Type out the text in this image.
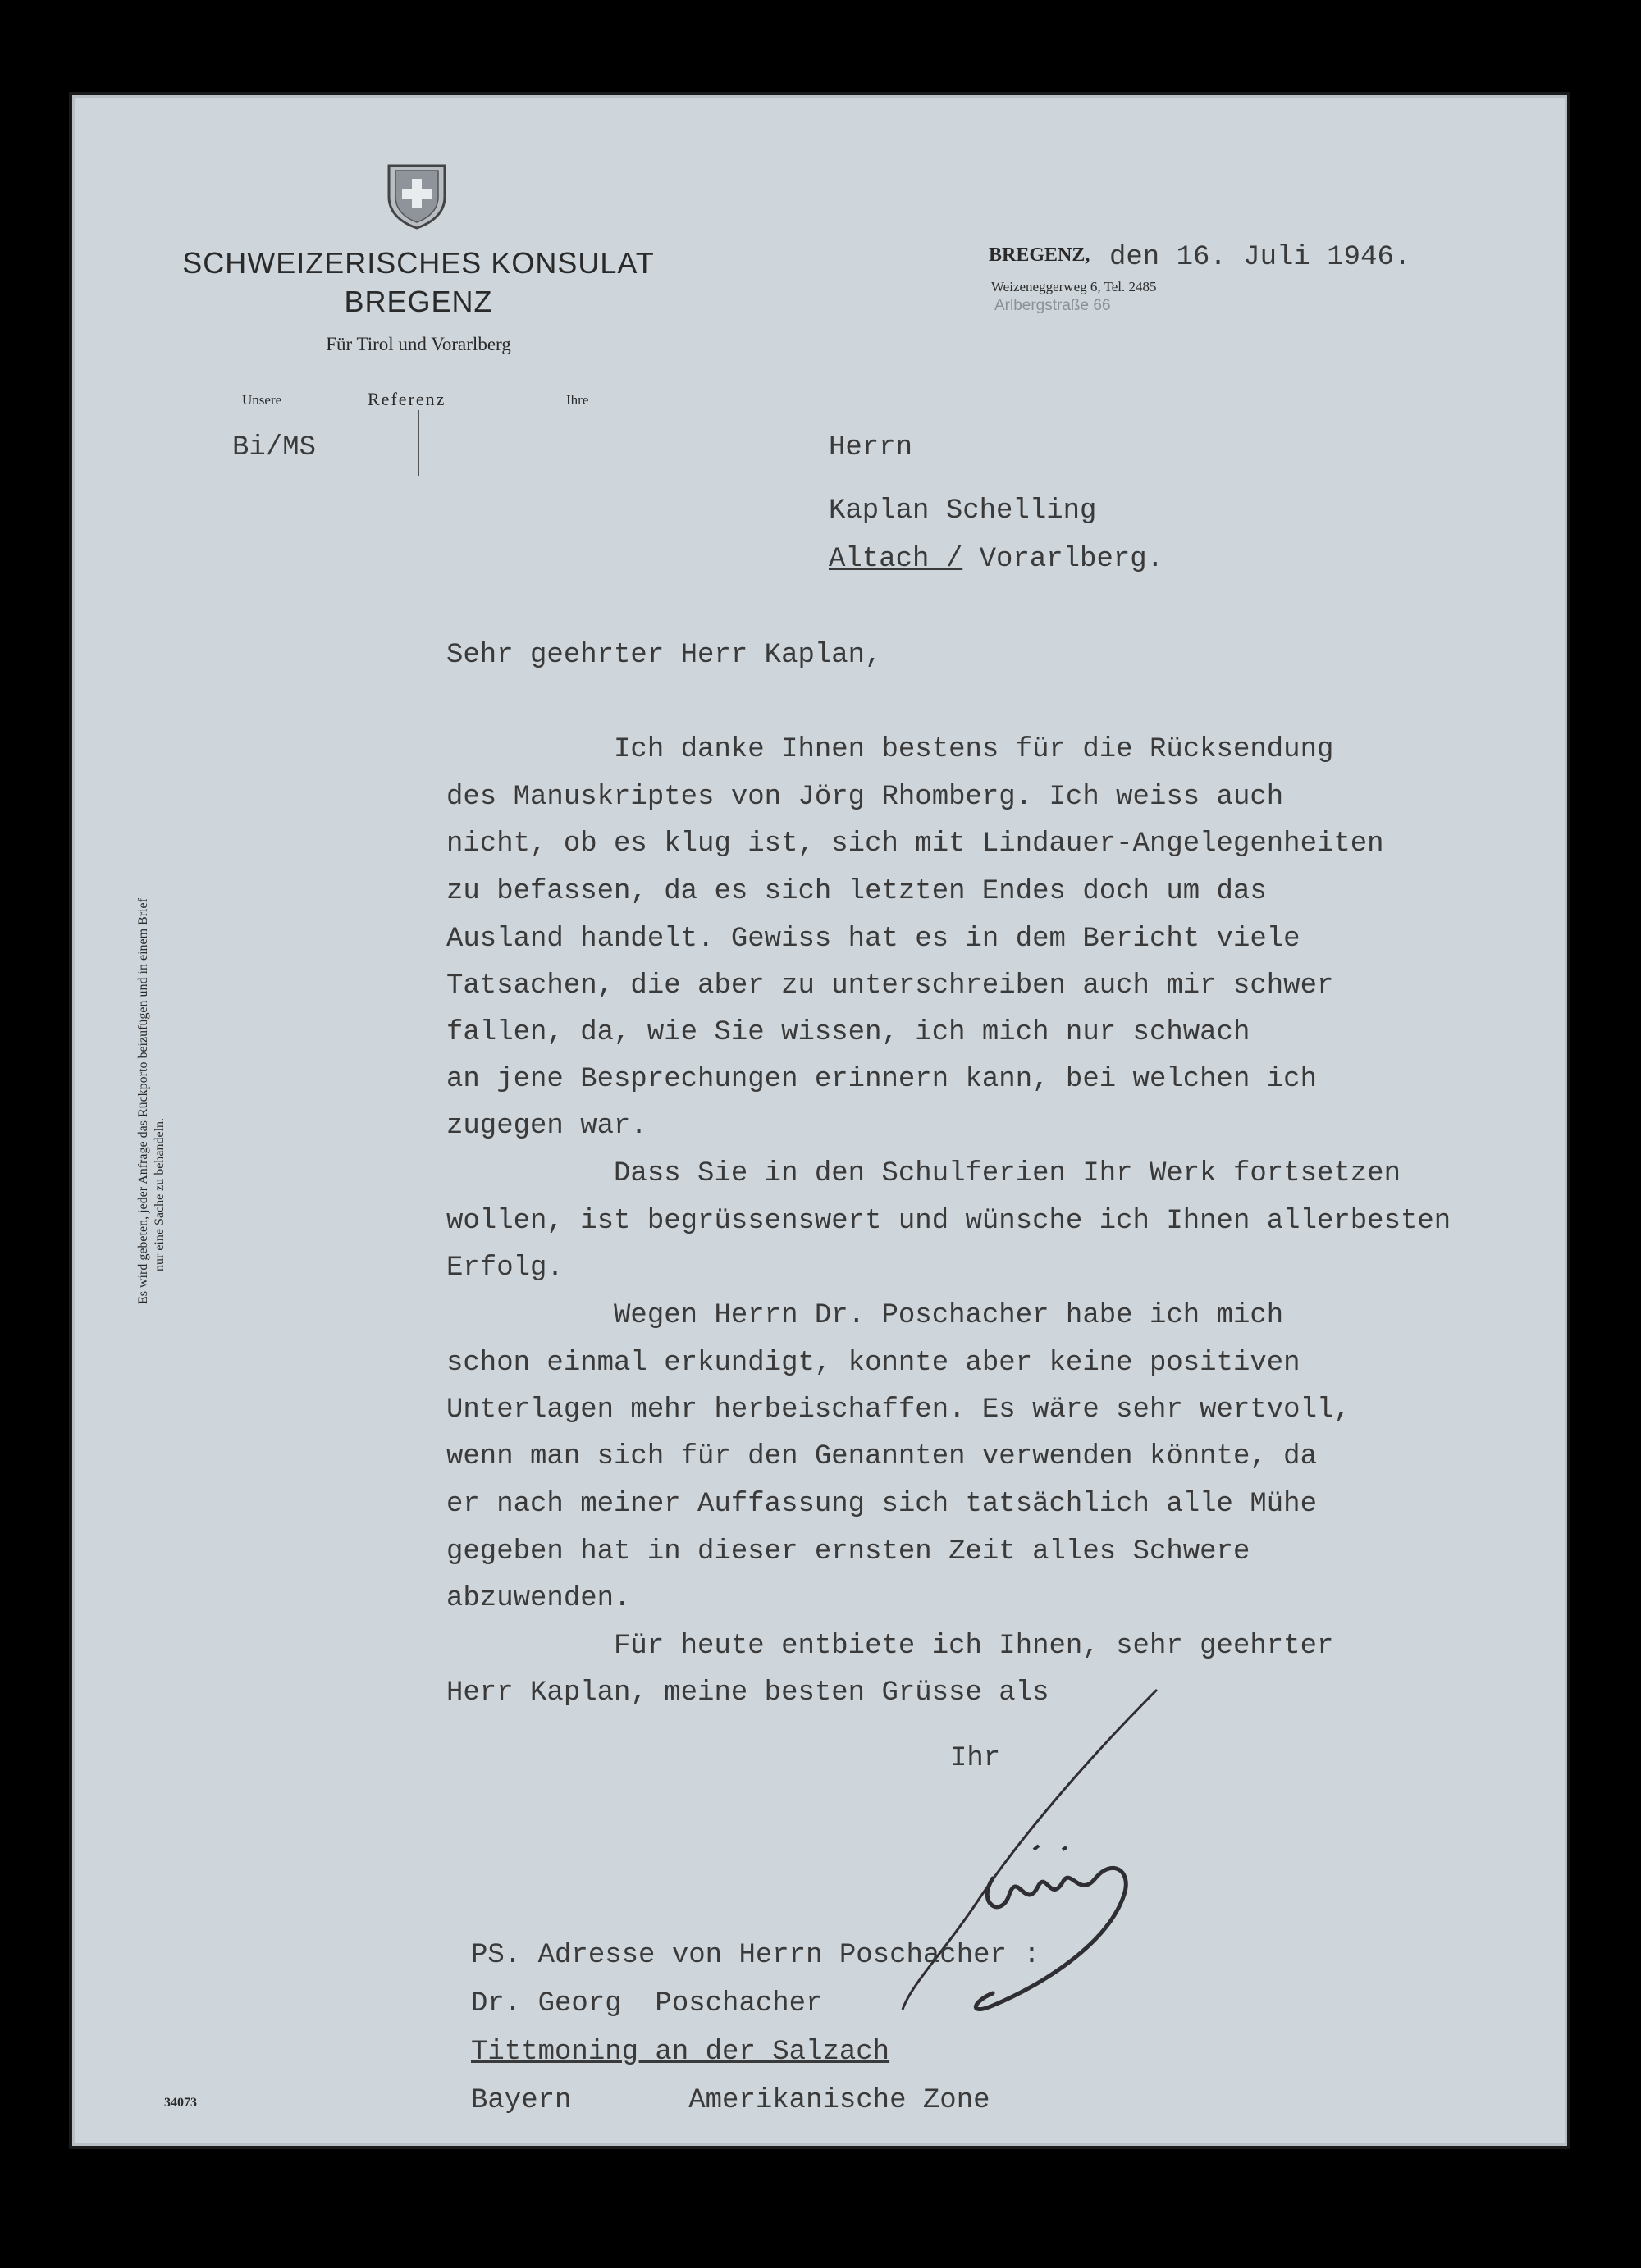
SCHWEIZERISCHES KONSULAT
BREGENZ
Für Tirol und Vorarlberg
Unsere	Referenz	Ihre
Bi/MS
BREGENZ, den 16. Juli 1946.
Weizeneggerweg 6, Tel. 2485
Arlbergstraße 66
Herrn
Kaplan Schelling
Altach / Vorarlberg.
Sehr geehrter Herr Kaplan,
Ich danke Ihnen bestens für die Rücksendung
des Manuskriptes von Jörg Rhomberg. Ich weiss auch
nicht, ob es klug ist, sich mit Lindauer-Angelegenheiten
zu befassen, da es sich letzten Endes doch um das
Ausland handelt. Gewiss hat es in dem Bericht viele
Tatsachen, die aber zu unterschreiben auch mir schwer
fallen, da, wie Sie wissen, ich mich nur schwach
an jene Besprechungen erinnern kann, bei welchen ich
zugegen war.
Dass Sie in den Schulferien Ihr Werk fortsetzen
wollen, ist begrüssenswert und wünsche ich Ihnen allerbesten
Erfolg.
Wegen Herrn Dr. Poschacher habe ich mich
schon einmal erkundigt, konnte aber keine positiven
Unterlagen mehr herbeischaffen. Es wäre sehr wertvoll,
wenn man sich für den Genannten verwenden könnte, da
er nach meiner Auffassung sich tatsächlich alle Mühe
gegeben hat in dieser ernsten Zeit alles Schwere
abzuwenden.
Für heute entbiete ich Ihnen, sehr geehrter
Herr Kaplan, meine besten Grüsse als
Ihr
PS. Adresse von Herrn Poschacher :
Dr. Georg  Poschacher
Tittmoning an der Salzach
Bayern       Amerikanische Zone
Es wird gebeten, jeder Anfrage das Rückporto beizufügen und in einem Brief nur eine Sache zu behandeln.
34073
